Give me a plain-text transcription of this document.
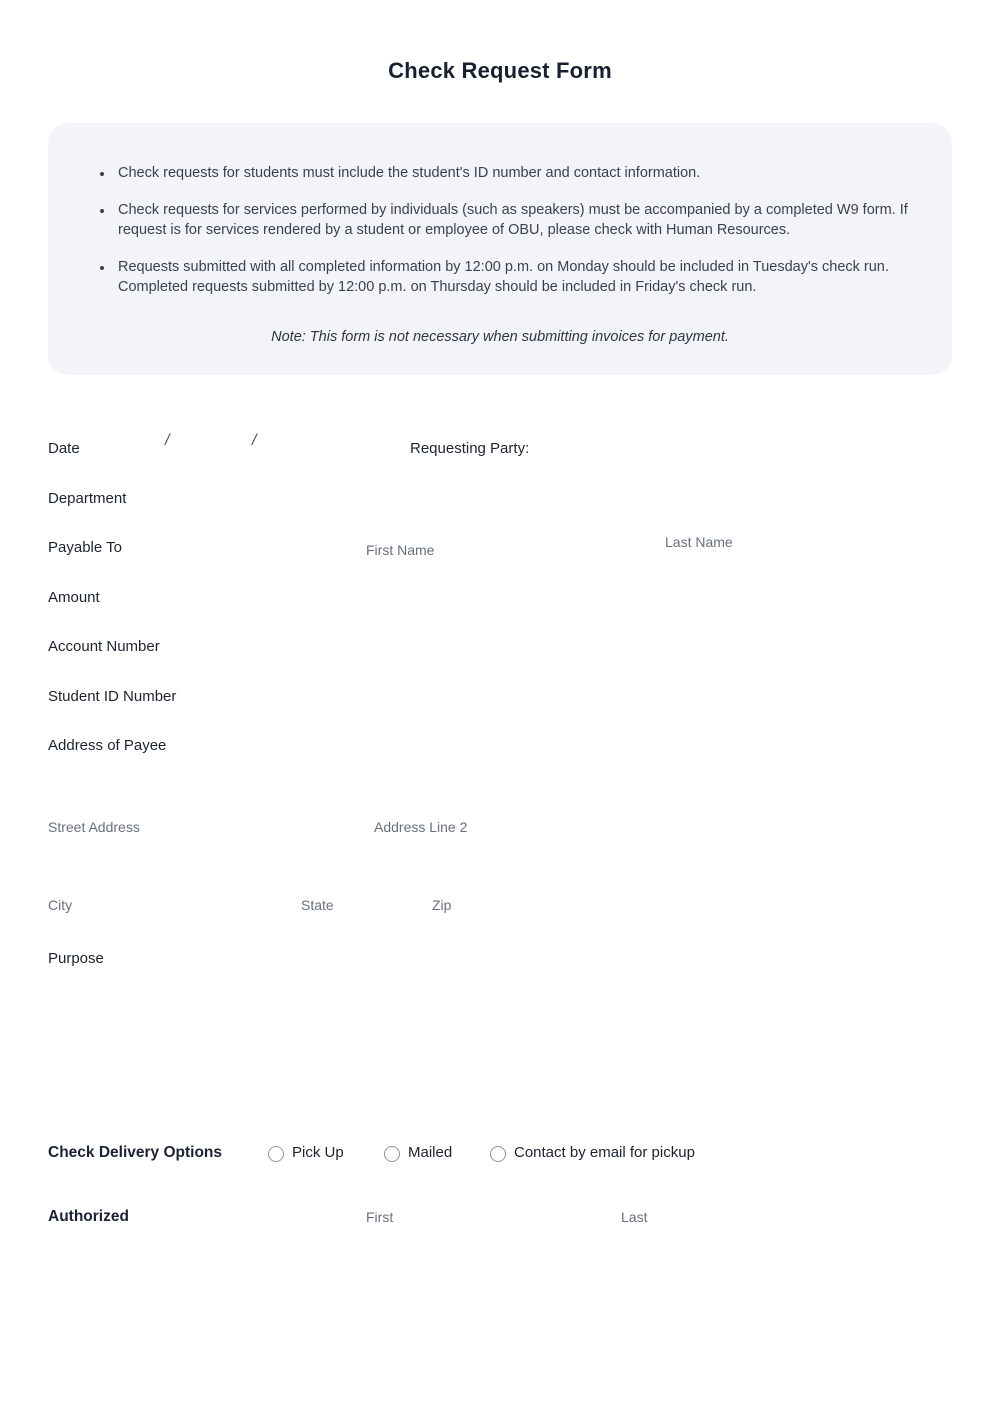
Check Request Form
• Check requests for students must include the student's ID number and contact information.
• Check requests for services performed by individuals (such as speakers) must be accompanied by a completed W9 form. If request is for services rendered by a student or employee of OBU, please check with Human Resources.
• Requests submitted with all completed information by 12:00 p.m. on Monday should be included in Tuesday's check run. Completed requests submitted by 12:00 p.m. on Thursday should be included in Friday's check run.
Note: This form is not necessary when submitting invoices for payment.
Date	/	/	Requesting Party:
Department
Payable To	First Name	Last Name
Amount
Account Number
Student ID Number
Address of Payee
Street Address	Address Line 2
City	State	Zip
Purpose
Check Delivery Options	Pick Up	Mailed	Contact by email for pickup
Authorized	First	Last
